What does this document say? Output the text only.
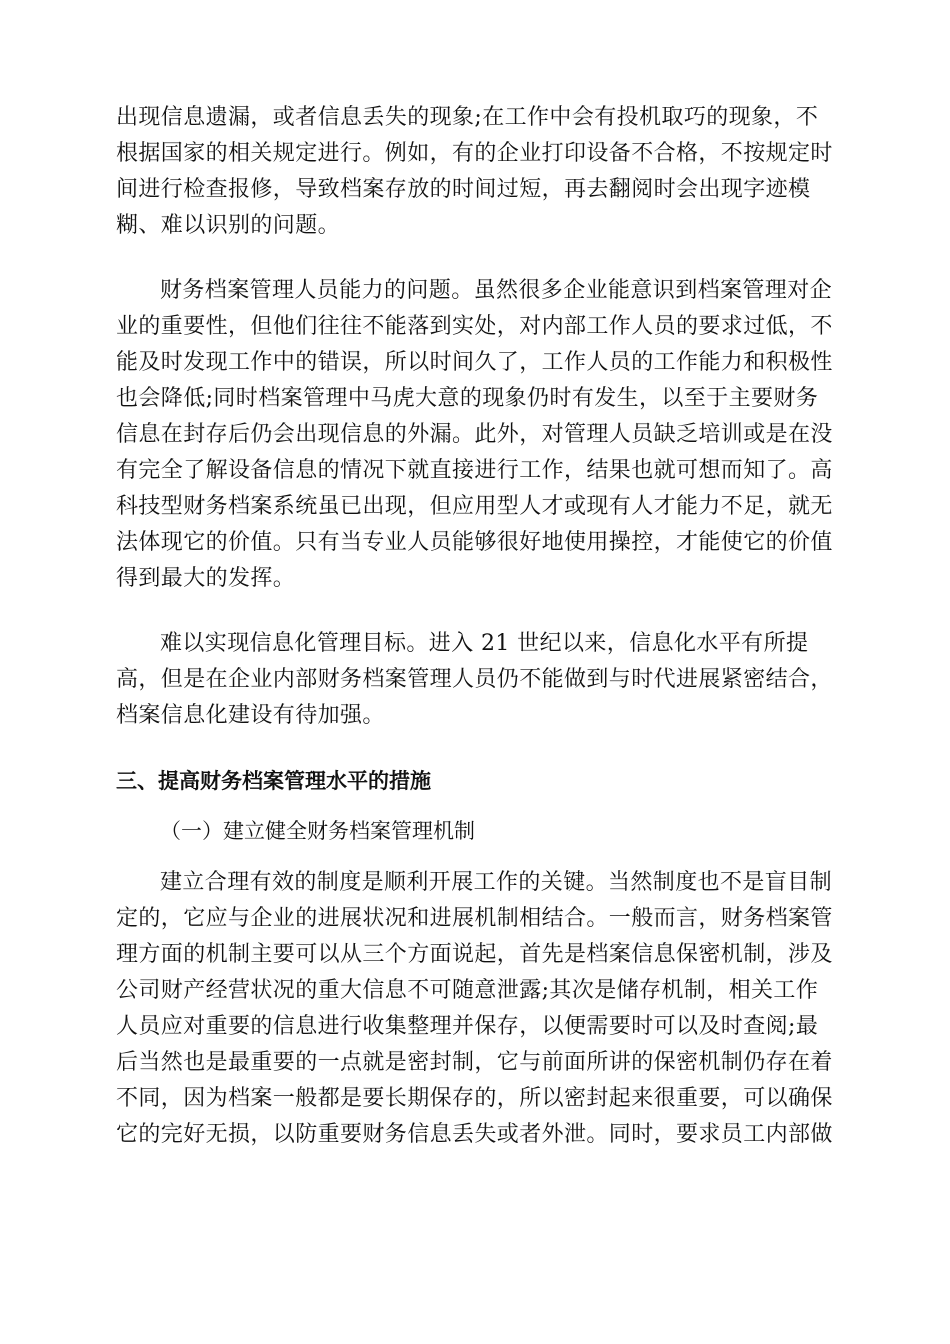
出现信息遗漏，或者信息丢失的现象;在工作中会有投机取巧的现象，不
根据国家的相关规定进行。例如，有的企业打印设备不合格，不按规定时
间进行检查报修，导致档案存放的时间过短，再去翻阅时会出现字迹模
糊、难以识别的问题。
财务档案管理人员能力的问题。虽然很多企业能意识到档案管理对企
业的重要性，但他们往往不能落到实处，对内部工作人员的要求过低，不
能及时发现工作中的错误，所以时间久了，工作人员的工作能力和积极性
也会降低;同时档案管理中马虎大意的现象仍时有发生，以至于主要财务
信息在封存后仍会出现信息的外漏。此外，对管理人员缺乏培训或是在没
有完全了解设备信息的情况下就直接进行工作，结果也就可想而知了。高
科技型财务档案系统虽已出现，但应用型人才或现有人才能力不足，就无
法体现它的价值。只有当专业人员能够很好地使用操控，才能使它的价值
得到最大的发挥。
难以实现信息化管理目标。进入 21 世纪以来，信息化水平有所提
高，但是在企业内部财务档案管理人员仍不能做到与时代进展紧密结合，
档案信息化建设有待加强。
三、提高财务档案管理水平的措施
（一）建立健全财务档案管理机制
建立合理有效的制度是顺利开展工作的关键。当然制度也不是盲目制
定的，它应与企业的进展状况和进展机制相结合。一般而言，财务档案管
理方面的机制主要可以从三个方面说起，首先是档案信息保密机制，涉及
公司财产经营状况的重大信息不可随意泄露;其次是储存机制，相关工作
人员应对重要的信息进行收集整理并保存，以便需要时可以及时查阅;最
后当然也是最重要的一点就是密封制，它与前面所讲的保密机制仍存在着
不同，因为档案一般都是要长期保存的，所以密封起来很重要，可以确保
它的完好无损，以防重要财务信息丢失或者外泄。同时，要求员工内部做
